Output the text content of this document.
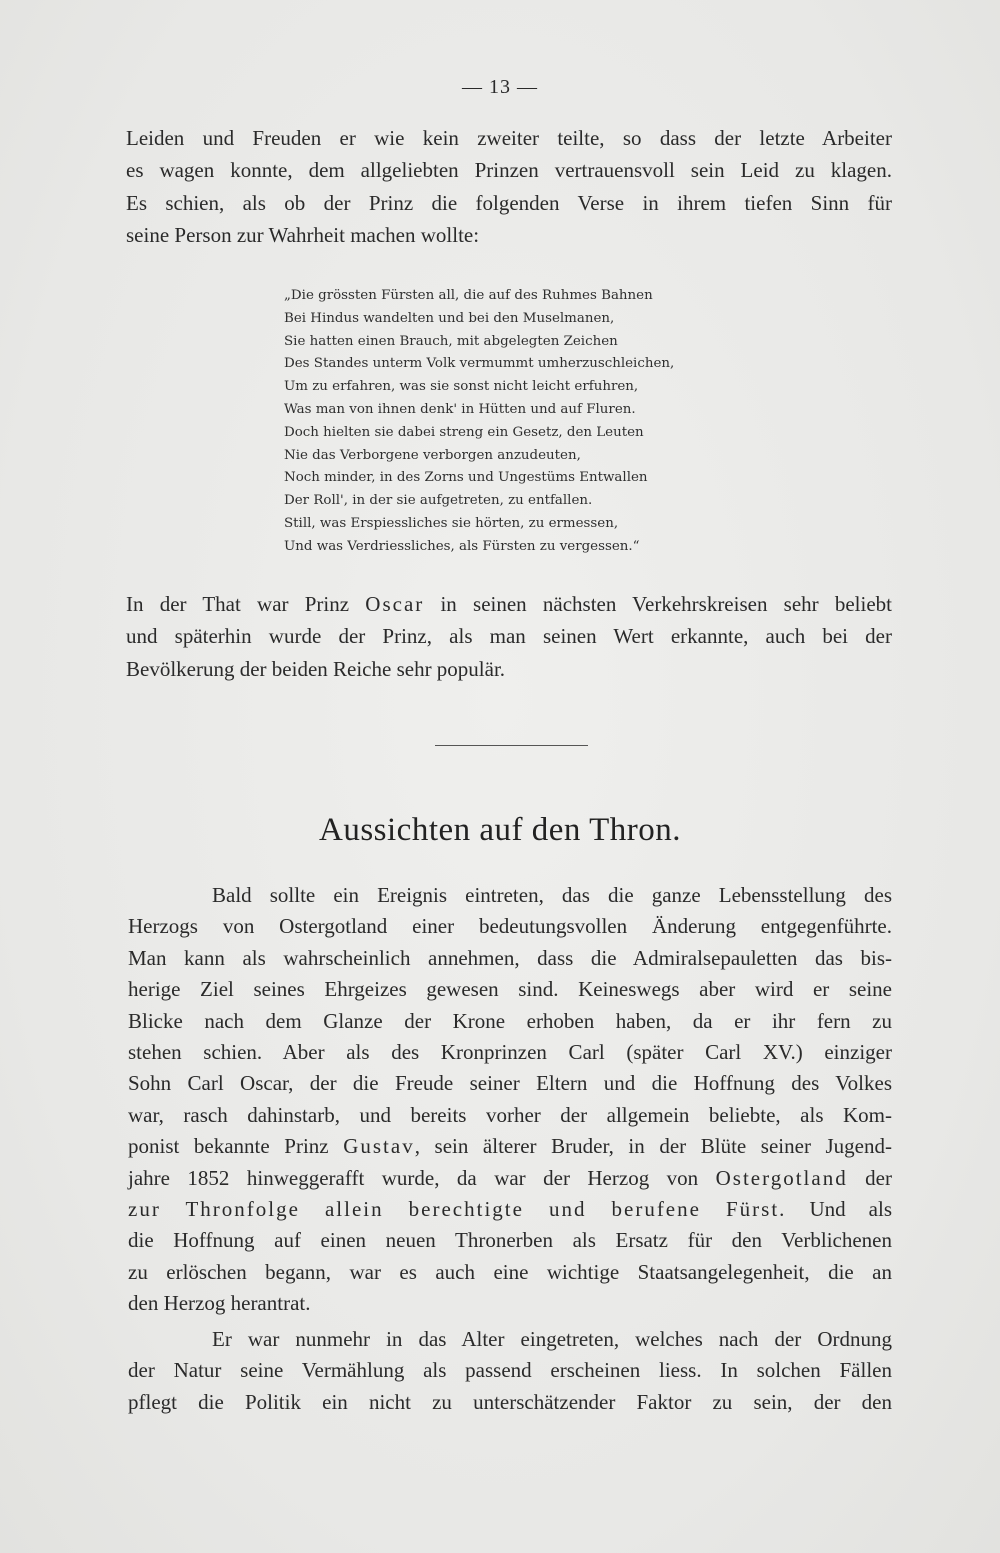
— 13 —

Leiden und Freuden er wie kein zweiter teilte, so dass der letzte Arbeiter
es wagen konnte, dem allgeliebten Prinzen vertrauensvoll sein Leid zu klagen.
Es schien, als ob der Prinz die folgenden Verse in ihrem tiefen Sinn für
seine Person zur Wahrheit machen wollte:

„Die grössten Fürsten all, die auf des Ruhmes Bahnen
Bei Hindus wandelten und bei den Muselmanen,
Sie hatten einen Brauch, mit abgelegten Zeichen
Des Standes unterm Volk vermummt umherzuschleichen,
Um zu erfahren, was sie sonst nicht leicht erfuhren,
Was man von ihnen denk' in Hütten und auf Fluren.
Doch hielten sie dabei streng ein Gesetz, den Leuten
Nie das Verborgene verborgen anzudeuten,
Noch minder, in des Zorns und Ungestüms Entwallen
Der Roll', in der sie aufgetreten, zu entfallen.
Still, was Erspiessliches sie hörten, zu ermessen,
Und was Verdriessliches, als Fürsten zu vergessen.“

In der That war Prinz Oscar in seinen nächsten Verkehrskreisen sehr beliebt
und späterhin wurde der Prinz, als man seinen Wert erkannte, auch bei der
Bevölkerung der beiden Reiche sehr populär.

Aussichten auf den Thron.

Bald sollte ein Ereignis eintreten, das die ganze Lebensstellung des
Herzogs von Ostergotland einer bedeutungsvollen Änderung entgegenführte.
Man kann als wahrscheinlich annehmen, dass die Admiralsepauletten das bis-
herige Ziel seines Ehrgeizes gewesen sind. Keineswegs aber wird er seine
Blicke nach dem Glanze der Krone erhoben haben, da er ihr fern zu
stehen schien. Aber als des Kronprinzen Carl (später Carl XV.) einziger
Sohn Carl Oscar, der die Freude seiner Eltern und die Hoffnung des Volkes
war, rasch dahinstarb, und bereits vorher der allgemein beliebte, als Kom-
ponist bekannte Prinz Gustav, sein älterer Bruder, in der Blüte seiner Jugend-
jahre 1852 hinweggerafft wurde, da war der Herzog von Ostergotland der
zur Thronfolge allein berechtigte und berufene Fürst. Und als
die Hoffnung auf einen neuen Thronerben als Ersatz für den Verblichenen
zu erlöschen begann, war es auch eine wichtige Staatsangelegenheit, die an
den Herzog herantrat.

Er war nunmehr in das Alter eingetreten, welches nach der Ordnung
der Natur seine Vermählung als passend erscheinen liess. In solchen Fällen
pflegt die Politik ein nicht zu unterschätzender Faktor zu sein, der den
